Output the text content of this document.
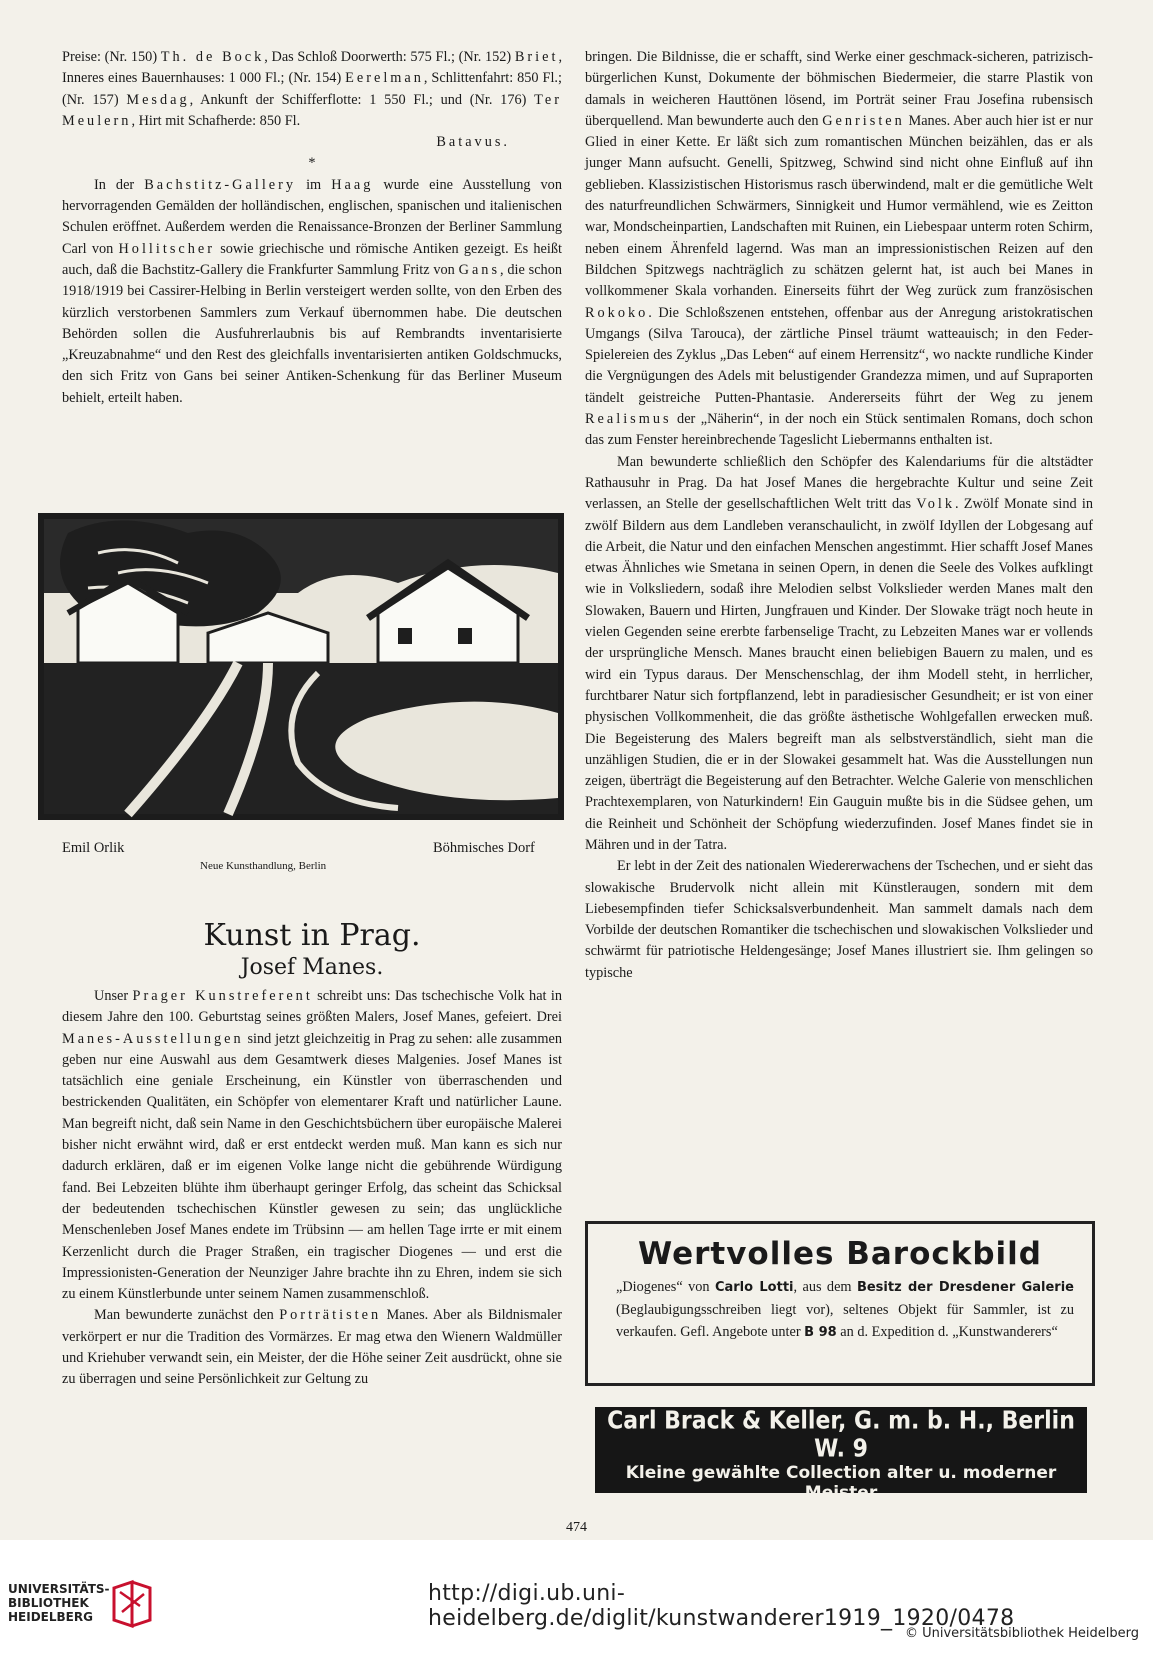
Preise: (Nr. 150) Th. de Bock, Das Schloß Doorwerth: 575 Fl.; (Nr. 152) Briet, Inneres eines Bauernhauses: 1 000 Fl.; (Nr. 154) Eerelman, Schlittenfahrt: 850 Fl.; (Nr. 157) Mesdag, Ankunft der Schifferflotte: 1 550 Fl.; und (Nr. 176) Ter Meulern, Hirt mit Schafherde: 850 Fl.

Batavus.
*

In der Bachstitz-Gallery im Haag wurde eine Ausstellung von hervorragenden Gemälden der holländischen, englischen, spanischen und italienischen Schulen eröffnet. Außerdem werden die Renaissance-Bronzen der Berliner Sammlung Carl von Hollitscher sowie griechische und römische Antiken gezeigt. Es heißt auch, daß die Bachstitz-Gallery die Frankfurter Sammlung Fritz von Gans, die schon 1918/1919 bei Cassirer-Helbing in Berlin versteigert werden sollte, von den Erben des kürzlich verstorbenen Sammlers zum Verkauf übernommen habe. Die deutschen Behörden sollen die Ausfuhrerlaubnis bis auf Rembrandts inventarisierte „Kreuzabnahme“ und den Rest des gleichfalls inventarisierten antiken Goldschmucks, den sich Fritz von Gans bei seiner Antiken-Schenkung für das Berliner Museum behielt, erteilt haben.

Emil Orlik	Böhmisches Dorf
Neue Kunsthandlung, Berlin
Kunst in Prag.
Josef Manes.

Unser Prager Kunstreferent schreibt uns: Das tschechische Volk hat in diesem Jahre den 100. Geburtstag seines größten Malers, Josef Manes, gefeiert. Drei Manes-Ausstellungen sind jetzt gleichzeitig in Prag zu sehen: alle zusammen geben nur eine Auswahl aus dem Gesamtwerk dieses Malgenies. Josef Manes ist tatsächlich eine geniale Erscheinung, ein Künstler von überraschenden und bestrickenden Qualitäten, ein Schöpfer von elementarer Kraft und natürlicher Laune. Man begreift nicht, daß sein Name in den Geschichtsbüchern über europäische Malerei bisher nicht erwähnt wird, daß er erst entdeckt werden muß. Man kann es sich nur dadurch erklären, daß er im eigenen Volke lange nicht die gebührende Würdigung fand. Bei Lebzeiten blühte ihm überhaupt geringer Erfolg, das scheint das Schicksal der bedeutenden tschechischen Künstler gewesen zu sein; das unglückliche Menschenleben Josef Manes endete im Trübsinn — am hellen Tage irrte er mit einem Kerzenlicht durch die Prager Straßen, ein tragischer Diogenes — und erst die Impressionisten-Generation der Neunziger Jahre brachte ihn zu Ehren, indem sie sich zu einem Künstlerbunde unter seinem Namen zusammenschloß.

Man bewunderte zunächst den Porträtisten Manes. Aber als Bildnismaler verkörpert er nur die Tradition des Vormärzes. Er mag etwa den Wienern Waldmüller und Kriehuber verwandt sein, ein Meister, der die Höhe seiner Zeit ausdrückt, ohne sie zu überragen und seine Persönlichkeit zur Geltung zu

bringen. Die Bildnisse, die er schafft, sind Werke einer geschmack-sicheren, patrizisch-bürgerlichen Kunst, Dokumente der böhmischen Biedermeier, die starre Plastik von damals in weicheren Hauttönen lösend, im Porträt seiner Frau Josefina rubensisch überquellend. Man bewunderte auch den Genristen Manes. Aber auch hier ist er nur Glied in einer Kette. Er läßt sich zum romantischen München beizählen, das er als junger Mann aufsucht. Genelli, Spitzweg, Schwind sind nicht ohne Einfluß auf ihn geblieben. Klassizistischen Historismus rasch überwindend, malt er die gemütliche Welt des naturfreundlichen Schwärmers, Sinnigkeit und Humor vermählend, wie es Zeitton war, Mondscheinpartien, Landschaften mit Ruinen, ein Liebespaar unterm roten Schirm, neben einem Ährenfeld lagernd. Was man an impressionistischen Reizen auf den Bildchen Spitzwegs nachträglich zu schätzen gelernt hat, ist auch bei Manes in vollkommener Skala vorhanden. Einerseits führt der Weg zurück zum französischen Rokoko. Die Schloßszenen entstehen, offenbar aus der Anregung aristokratischen Umgangs (Silva Tarouca), der zärtliche Pinsel träumt watteauisch; in den Feder-Spielereien des Zyklus „Das Leben“ auf einem Herrensitz“, wo nackte rundliche Kinder die Vergnügungen des Adels mit belustigender Grandezza mimen, und auf Supraporten tändelt geistreiche Putten-Phantasie. Andererseits führt der Weg zu jenem Realismus der „Näherin“, in der noch ein Stück sentimalen Romans, doch schon das zum Fenster hereinbrechende Tageslicht Liebermanns enthalten ist.

Man bewunderte schließlich den Schöpfer des Kalendariums für die altstädter Rathausuhr in Prag. Da hat Josef Manes die hergebrachte Kultur und seine Zeit verlassen, an Stelle der gesellschaftlichen Welt tritt das Volk. Zwölf Monate sind in zwölf Bildern aus dem Landleben veranschaulicht, in zwölf Idyllen der Lobgesang auf die Arbeit, die Natur und den einfachen Menschen angestimmt. Hier schafft Josef Manes etwas Ähnliches wie Smetana in seinen Opern, in denen die Seele des Volkes aufklingt wie in Volksliedern, sodaß ihre Melodien selbst Volkslieder werden Manes malt den Slowaken, Bauern und Hirten, Jungfrauen und Kinder. Der Slowake trägt noch heute in vielen Gegenden seine ererbte farbenselige Tracht, zu Lebzeiten Manes war er vollends der ursprüngliche Mensch. Manes braucht einen beliebigen Bauern zu malen, und es wird ein Typus daraus. Der Menschenschlag, der ihm Modell steht, in herrlicher, furchtbarer Natur sich fortpflanzend, lebt in paradiesischer Gesundheit; er ist von einer physischen Vollkommenheit, die das größte ästhetische Wohlgefallen erwecken muß. Die Begeisterung des Malers begreift man als selbstverständlich, sieht man die unzähligen Studien, die er in der Slowakei gesammelt hat. Was die Ausstellungen nun zeigen, überträgt die Begeisterung auf den Betrachter. Welche Galerie von menschlichen Prachtexemplaren, von Naturkindern! Ein Gauguin mußte bis in die Südsee gehen, um die Reinheit und Schönheit der Schöpfung wiederzufinden. Josef Manes findet sie in Mähren und in der Tatra.

Er lebt in der Zeit des nationalen Wiedererwachens der Tschechen, und er sieht das slowakische Brudervolk nicht allein mit Künstleraugen, sondern mit dem Liebesempfinden tiefer Schicksalsverbundenheit. Man sammelt damals nach dem Vorbilde der deutschen Romantiker die tschechischen und slowakischen Volkslieder und schwärmt für patriotische Heldengesänge; Josef Manes illustriert sie. Ihm gelingen so typische

Wertvolles Barockbild
„Diogenes“ von Carlo Lotti, aus dem Besitz der Dresdener Galerie (Beglaubigungsschreiben liegt vor), seltenes Objekt für Sammler, ist zu verkaufen. Gefl. Angebote unter B 98 an d. Expedition d. „Kunstwanderers“
Carl Brack & Keller, G. m. b. H., Berlin W. 9
Kleine gewählte Collection alter u. moderner Meister
Ankauf	Angebote erbeten	Verkauf
474
UNIVERSITÄTS-
BIBLIOTHEK
HEIDELBERG
http://digi.ub.uni-heidelberg.de/diglit/kunstwanderer1919_1920/0478
© Universitätsbibliothek Heidelberg
